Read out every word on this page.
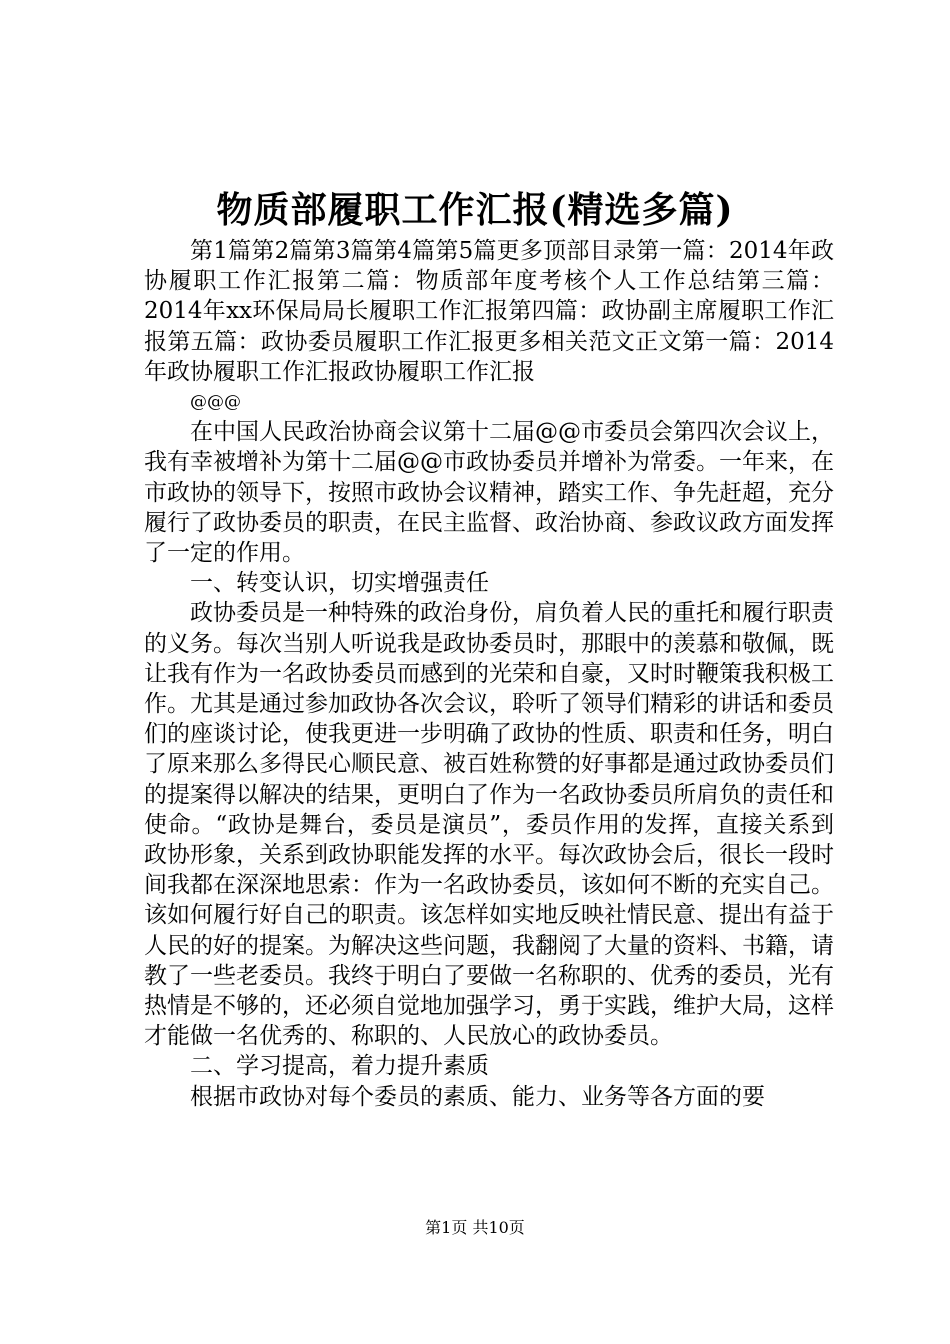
物质部履职工作汇报(精选多篇)

第1篇第2篇第3篇第4篇第5篇更多顶部目录第一篇：2014年政协履职工作汇报第二篇：物质部年度考核个人工作总结第三篇：2014年xx环保局局长履职工作汇报第四篇：政协副主席履职工作汇报第五篇：政协委员履职工作汇报更多相关范文正文第一篇：2014年政协履职工作汇报政协履职工作汇报

@@@

在中国人民政治协商会议第十二届@@市委员会第四次会议上，我有幸被增补为第十二届@@市政协委员并增补为常委。一年来，在市政协的领导下，按照市政协会议精神，踏实工作、争先赶超，充分履行了政协委员的职责，在民主监督、政治协商、参政议政方面发挥了一定的作用。

一、转变认识，切实增强责任

政协委员是一种特殊的政治身份，肩负着人民的重托和履行职责的义务。每次当别人听说我是政协委员时，那眼中的羡慕和敬佩，既让我有作为一名政协委员而感到的光荣和自豪，又时时鞭策我积极工作。尤其是通过参加政协各次会议，聆听了领导们精彩的讲话和委员们的座谈讨论，使我更进一步明确了政协的性质、职责和任务，明白了原来那么多得民心顺民意、被百姓称赞的好事都是通过政协委员们的提案得以解决的结果，更明白了作为一名政协委员所肩负的责任和使命。“政协是舞台，委员是演员”，委员作用的发挥，直接关系到政协形象，关系到政协职能发挥的水平。每次政协会后，很长一段时间我都在深深地思索：作为一名政协委员，该如何不断的充实自己。该如何履行好自己的职责。该怎样如实地反映社情民意、提出有益于人民的好的提案。为解决这些问题，我翻阅了大量的资料、书籍，请教了一些老委员。我终于明白了要做一名称职的、优秀的委员，光有热情是不够的，还必须自觉地加强学习，勇于实践，维护大局，这样才能做一名优秀的、称职的、人民放心的政协委员。

二、学习提高，着力提升素质

根据市政协对每个委员的素质、能力、业务等各方面的要

第1页 共10页
